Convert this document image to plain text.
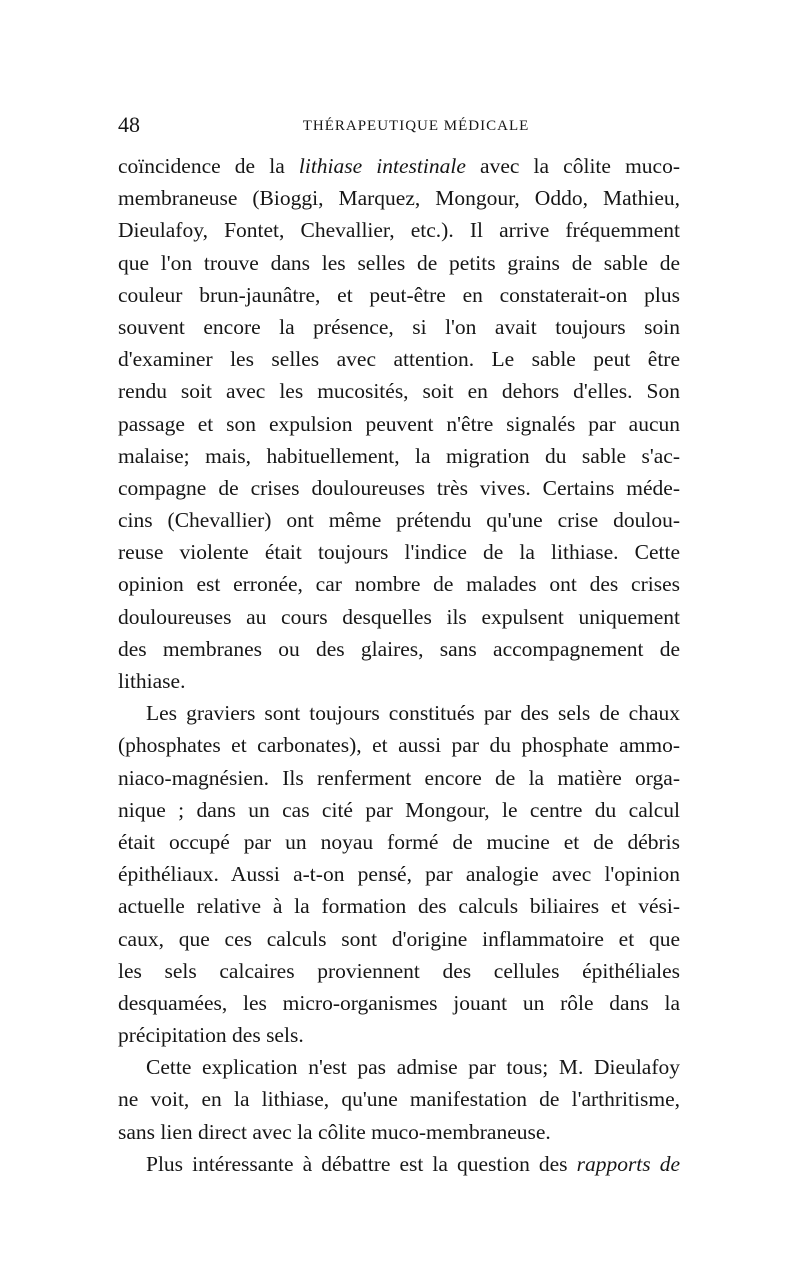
48	THÉRAPEUTIQUE MÉDICALE
coïncidence de la lithiase intestinale avec la côlite muco-
membraneuse (Bioggi, Marquez, Mongour, Oddo, Mathieu,
Dieulafoy, Fontet, Chevallier, etc.). Il arrive fréquemment
que l'on trouve dans les selles de petits grains de sable de
couleur brun-jaunâtre, et peut-être en constaterait-on plus
souvent encore la présence, si l'on avait toujours soin
d'examiner les selles avec attention. Le sable peut être
rendu soit avec les mucosités, soit en dehors d'elles. Son
passage et son expulsion peuvent n'être signalés par aucun
malaise; mais, habituellement, la migration du sable s'ac-
compagne de crises douloureuses très vives. Certains méde-
cins (Chevallier) ont même prétendu qu'une crise doulou-
reuse violente était toujours l'indice de la lithiase. Cette
opinion est erronée, car nombre de malades ont des crises
douloureuses au cours desquelles ils expulsent uniquement
des membranes ou des glaires, sans accompagnement de
lithiase.
Les graviers sont toujours constitués par des sels de chaux
(phosphates et carbonates), et aussi par du phosphate ammo-
niaco-magnésien. Ils renferment encore de la matière orga-
nique ; dans un cas cité par Mongour, le centre du calcul
était occupé par un noyau formé de mucine et de débris
épithéliaux. Aussi a-t-on pensé, par analogie avec l'opinion
actuelle relative à la formation des calculs biliaires et vési-
caux, que ces calculs sont d'origine inflammatoire et que
les sels calcaires proviennent des cellules épithéliales
desquamées, les micro-organismes jouant un rôle dans la
précipitation des sels.
Cette explication n'est pas admise par tous; M. Dieulafoy
ne voit, en la lithiase, qu'une manifestation de l'arthritisme,
sans lien direct avec la côlite muco-membraneuse.
Plus intéressante à débattre est la question des rapports de
